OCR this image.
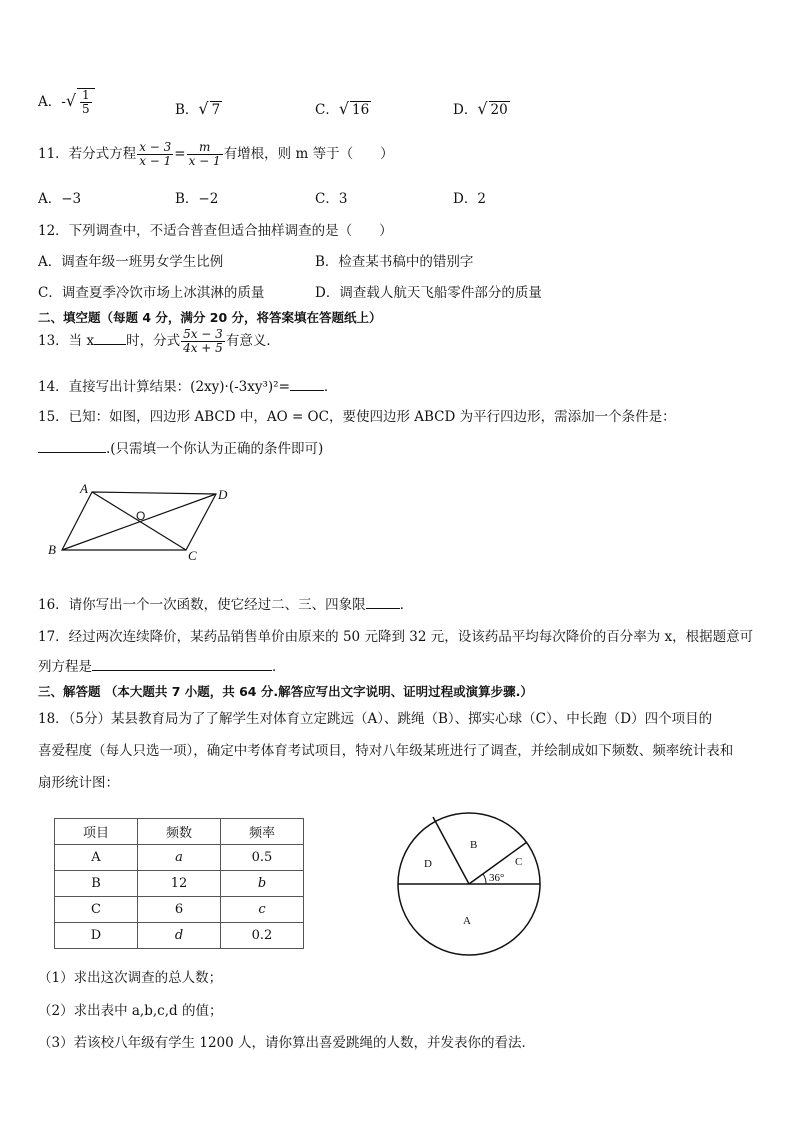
A．-√ $\frac{1}{5}$	B．√ 7	C．√ 16	D．√ 20
11．若分式方程 $\frac{x - 3}{x - 1} = \frac{m}{x - 1}$ 有增根，则 m 等于（　　）
A．−3	B．−2	C．3	D．2
12．下列调查中，不适合普查但适合抽样调查的是（　　）
A．调查年级一班男女学生比例	B．检查某书稿中的错别字
C．调查夏季冷饮市场上冰淇淋的质量	D．调查载人航天飞船零件部分的质量
二、填空题（每题 4 分，满分 20 分，将答案填在答题纸上）
13．当 x 时，分式 $\frac{5x - 3}{4x + 5}$ 有意义．
14．直接写出计算结果：(2xy)·(-3xy³)²=	．
15．已知：如图，四边形 ABCD 中，AO = OC，要使四边形 ABCD 为平行四边形，需添加一个条件是：
.(只需填一个你认为正确的条件即可)
A	D
B	C
O
16．请你写出一个一次函数，使它经过二、三、四象限	．
17．经过两次连续降价，某药品销售单价由原来的 50 元降到 32 元，设该药品平均每次降价的百分率为 x，根据题意可
列方程是	．
三、解答题 （本大题共 7 小题，共 64 分.解答应写出文字说明、证明过程或演算步骤.）
18．（5分）某县教育局为了了解学生对体育立定跳远（A）、跳绳（B）、掷实心球（C）、中长跑（D）四个项目的
喜爱程度（每人只选一项），确定中考体育考试项目，特对八年级某班进行了调查，并绘制成如下频数、频率统计表和
扇形统计图：
项目	频数	频率
A	a	0.5
B	12	b
C	6	c
D	d	0.2
B
D	C
A
36°
（1）求出这次调查的总人数；
（2）求出表中 a,b,c,d 的值；
（3）若该校八年级有学生 1200 人，请你算出喜爱跳绳的人数，并发表你的看法．
